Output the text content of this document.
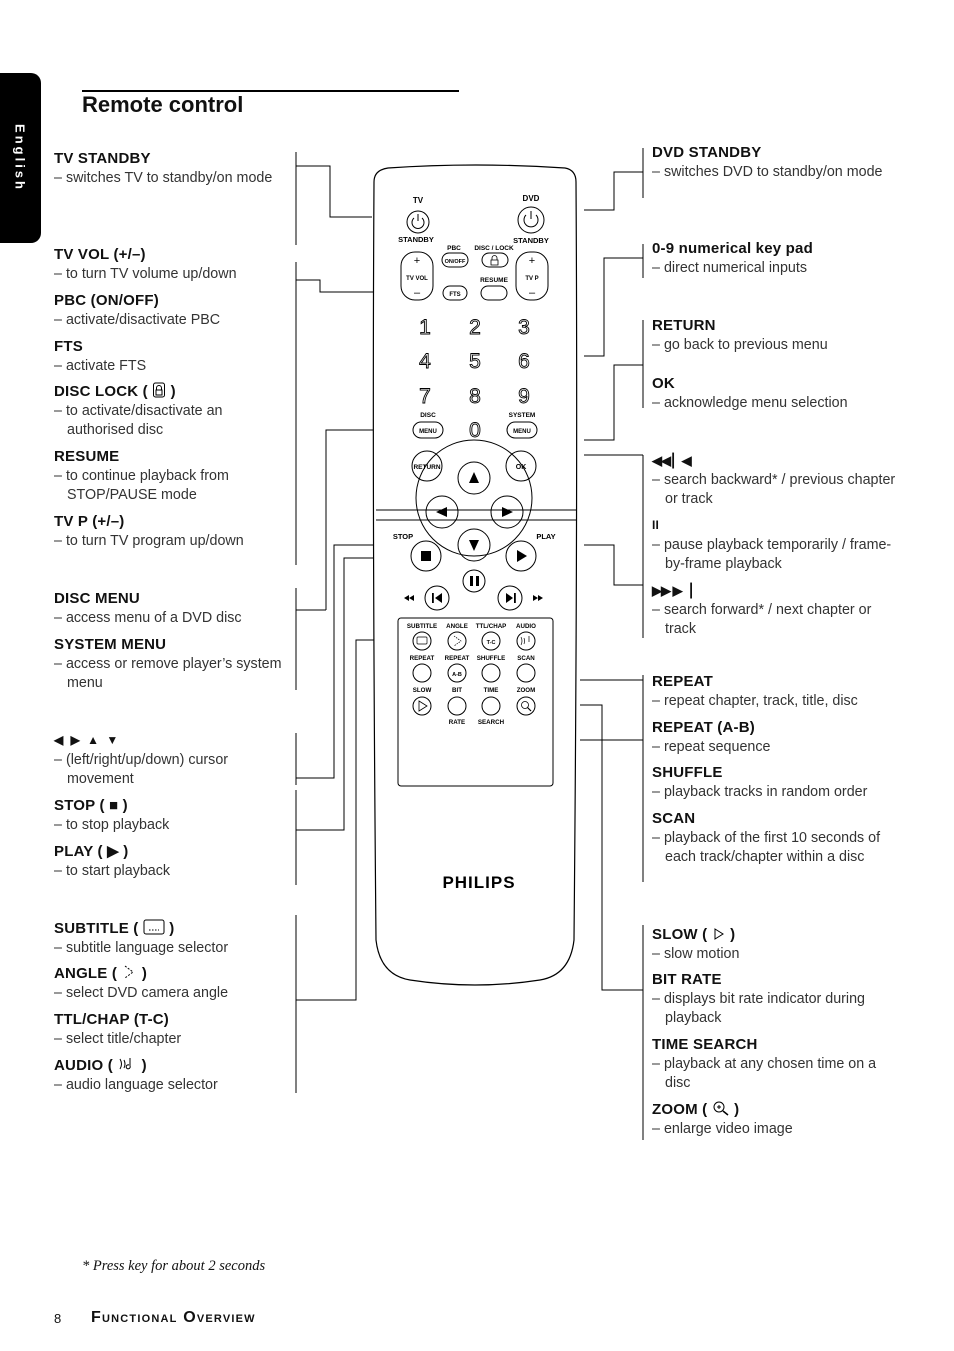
English
Remote control
TV STANDBY
– switches TV to standby/on mode
TV VOL (+/–)
– to turn TV volume up/down
PBC (ON/OFF)
– activate/disactivate PBC
FTS
– activate FTS
DISC LOCK ( )
– to activate/disactivate an authorised disc
RESUME
– to continue playback from STOP/PAUSE mode
TV P (+/–)
– to turn TV program up/down
DISC MENU
– access menu of a DVD disc
SYSTEM MENU
– access or remove player’s system menu
◀ ▶ ▲ ▼
– (left/right/up/down) cursor movement
STOP ( ■ )
– to stop playback
PLAY ( ▶ )
– to start playback
SUBTITLE ( )
– subtitle language selector
ANGLE ( )
– select DVD camera angle
TTL/CHAP (T-C)
– select title/chapter
AUDIO ( )
– audio language selector
DVD STANDBY
– switches DVD to standby/on mode
0-9 numerical key pad
– direct numerical inputs
RETURN
– go back to previous menu
OK
– acknowledge menu selection
◀◀ ▏◀
– search backward* / previous chapter or track
II
– pause playback temporarily / frame-by-frame playback
▶▶ ▶▕
– search forward* / next chapter or track
REPEAT
– repeat chapter, track, title, disc
REPEAT (A-B)
– repeat sequence
SHUFFLE
– playback tracks in random order
SCAN
– playback of the first 10 seconds of each track/chapter within a disc
SLOW ( )
– slow motion
BIT RATE
– displays bit rate indicator during playback
TIME SEARCH
– playback at any chosen time on a disc
ZOOM ( )
– enlarge video image
TV	DVD
STANDBY	STANDBY
+
–
TV VOL
+
–
TV P
PBC
ON/OFF
DISC / LOCK
RESUME
FTS
1 2 3
4 5 6
7 8 9
0
DISC
MENU
SYSTEM
MENU
RETURN	OK
STOP	PLAY
SUBTITLE ANGLE TTL/CHAP AUDIO
REPEAT REPEAT SHUFFLE SCAN
SLOW	BIT	TIME	ZOOM
RATE SEARCH
T-C
A-B
PHILIPS
* Press key for about 2 seconds
8 Functional Overview
